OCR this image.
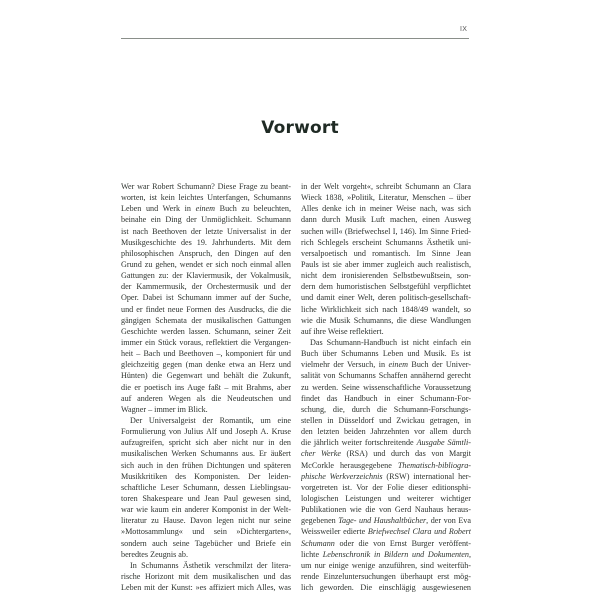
IX
Vorwort
Wer war Robert Schumann? Diese Frage zu beant-
worten, ist kein leichtes Unterfangen, Schumanns
Leben und Werk in einem Buch zu beleuchten,
beinahe ein Ding der Unmöglichkeit. Schumann
ist nach Beethoven der letzte Universalist in der
Musikgeschichte des 19. Jahrhunderts. Mit dem
philosophischen Anspruch, den Dingen auf den
Grund zu gehen, wendet er sich noch einmal allen
Gattungen zu: der Klaviermusik, der Vokalmusik,
der Kammermusik, der Orchestermusik und der
Oper. Dabei ist Schumann immer auf der Suche,
und er findet neue Formen des Ausdrucks, die die
gängigen Schemata der musikalischen Gattungen
Geschichte werden lassen. Schumann, seiner Zeit
immer ein Stück voraus, reflektiert die Vergangen-
heit – Bach und Beethoven –, komponiert für und
gleichzeitig gegen (man denke etwa an Herz und
Hünten) die Gegenwart und behält die Zukunft,
die er poetisch ins Auge faßt – mit Brahms, aber
auf anderen Wegen als die Neudeutschen und
Wagner – immer im Blick.
Der Universalgeist der Romantik, um eine
Formulierung von Julius Alf und Joseph A. Kruse
aufzugreifen, spricht sich aber nicht nur in den
musikalischen Werken Schumanns aus. Er äußert
sich auch in den frühen Dichtungen und späteren
Musikkritiken des Komponisten. Der leiden-
schaftliche Leser Schumann, dessen Lieblingsau-
toren Shakespeare und Jean Paul gewesen sind,
war wie kaum ein anderer Komponist in der Welt-
literatur zu Hause. Davon legen nicht nur seine
»Mottosammlung« und sein »Dichtergarten«,
sondern auch seine Tagebücher und Briefe ein
beredtes Zeugnis ab.
In Schumanns Ästhetik verschmilzt der litera-
rische Horizont mit dem musikalischen und das
Leben mit der Kunst: »es affiziert mich Alles, was
in der Welt vorgeht«, schreibt Schumann an Clara
Wieck 1838, »Politik, Literatur, Menschen – über
Alles denke ich in meiner Weise nach, was sich
dann durch Musik Luft machen, einen Ausweg
suchen will« (Briefwechsel I, 146). Im Sinne Fried-
rich Schlegels erscheint Schumanns Ästhetik uni-
versalpoetisch und romantisch. Im Sinne Jean
Pauls ist sie aber immer zugleich auch realistisch,
nicht dem ironisierenden Selbstbewußtsein, son-
dern dem humoristischen Selbstgefühl verpflichtet
und damit einer Welt, deren politisch-gesellschaft-
liche Wirklichkeit sich nach 1848/49 wandelt, so
wie die Musik Schumanns, die diese Wandlungen
auf ihre Weise reflektiert.
Das Schumann-Handbuch ist nicht einfach ein
Buch über Schumanns Leben und Musik. Es ist
vielmehr der Versuch, in einem Buch der Univer-
salität von Schumanns Schaffen annähernd gerecht
zu werden. Seine wissenschaftliche Voraussetzung
findet das Handbuch in einer Schumann-For-
schung, die, durch die Schumann-Forschungs-
stellen in Düsseldorf und Zwickau getragen, in
den letzten beiden Jahrzehnten vor allem durch
die jährlich weiter fortschreitende Ausgabe Sämtli-
cher Werke (RSA) und durch das von Margit
McCorkle herausgegebene Thematisch-bibliogra-
phische Werkverzeichnis (RSW) international her-
vorgetreten ist. Vor der Folie dieser editionsphi-
lologischen Leistungen und weiterer wichtiger
Publikationen wie die von Gerd Nauhaus heraus-
gegebenen Tage- und Haushaltbücher, der von Eva
Weissweiler edierte Briefwechsel Clara und Robert
Schumann oder die von Ernst Burger veröffent-
lichte Lebenschronik in Bildern und Dokumenten,
um nur einige wenige anzuführen, sind weiterfüh-
rende Einzeluntersuchungen überhaupt erst mög-
lich geworden. Die einschlägig ausgewiesenen
